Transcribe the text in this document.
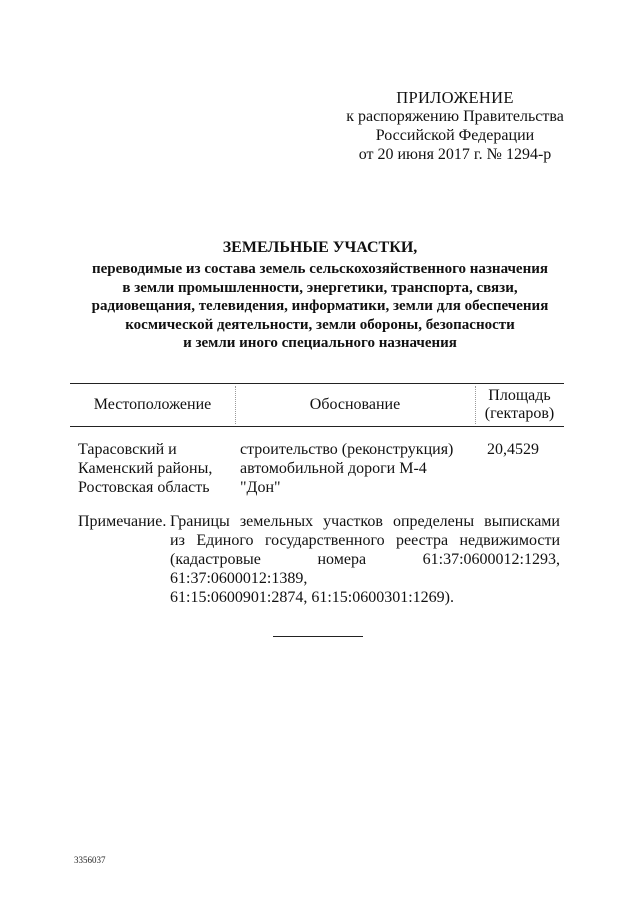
ПРИЛОЖЕНИЕ
к распоряжению Правительства
Российской Федерации
от 20 июня 2017 г. № 1294-р
ЗЕМЕЛЬНЫЕ УЧАСТКИ,
переводимые из состава земель сельскохозяйственного назначения
в земли промышленности, энергетики, транспорта, связи,
радиовещания, телевидения, информатики, земли для обеспечения
космической деятельности, земли обороны, безопасности
и земли иного специального назначения
Местоположение	Обоснование
Площадь
(гектаров)
Тарасовский и
Каменский районы,
Ростовская область
строительство (реконструкция)
автомобильной дороги М-4
"Дон"
20,4529
Примечание. Границы земельных участков определены выписками
из Единого государственного реестра недвижимости
(кадастровые номера 61:37:0600012:1293, 61:37:0600012:1389,
61:15:0600901:2874, 61:15:0600301:1269).
3356037
